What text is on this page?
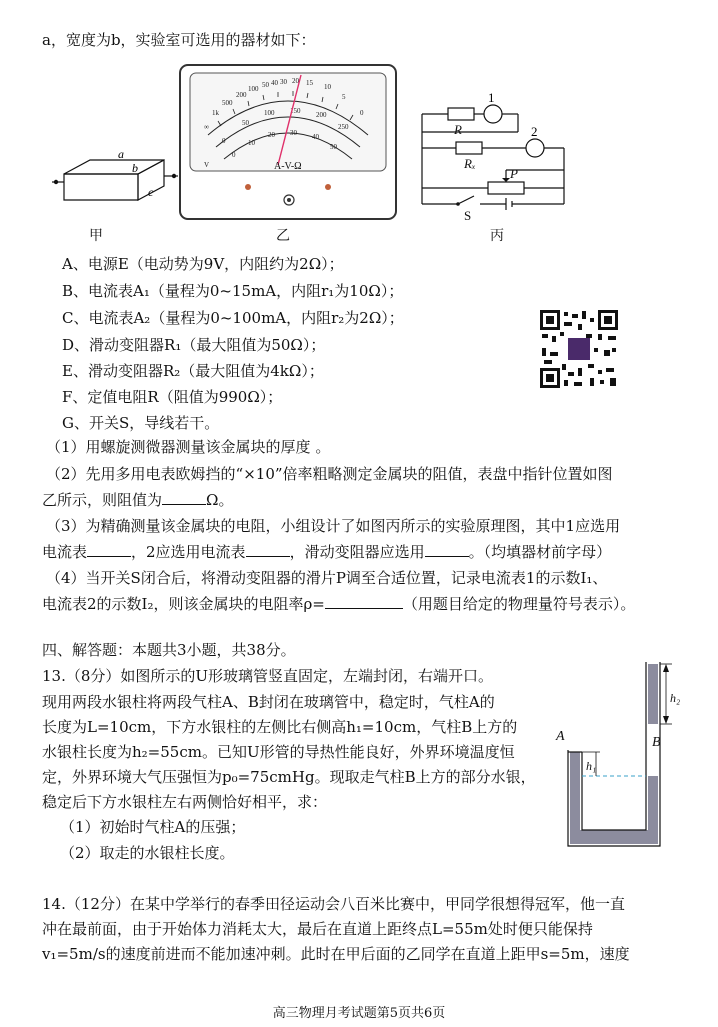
a，宽度为b，实验室可选用的器材如下：
a
b
c
甲
∞
1k
500
200
100 50 40 30 20 15 10
5
0
0
50
100 150 200
250
0
10
20 30 40
50
V	A-V-Ω
乙
R
Rₓ
P
S
1
2
丙
A、电源E（电动势为9V，内阻约为2Ω）；
B、电流表A₁（量程为0~15mA，内阻r₁为10Ω）；
C、电流表A₂（量程为0~100mA，内阻r₂为2Ω）；
D、滑动变阻器R₁（最大阻值为50Ω）；
E、滑动变阻器R₂（最大阻值为4kΩ）；
F、定值电阻R（阻值为990Ω）；
G、开关S，导线若干。
（1）用螺旋测微器测量该金属块的厚度 。
（2）先用多用电表欧姆挡的“×10”倍率粗略测定金属块的阻值，表盘中指针位置如图
乙所示，则阻值为	Ω。
（3）为精确测量该金属块的电阻，小组设计了如图丙所示的实验原理图，其中1应选用
电流表	，2应选用电流表	，滑动变阻器应选用	。（均填器材前字母）
（4）当开关S闭合后，将滑动变阻器的滑片P调至合适位置，记录电流表1的示数I₁、
电流表2的示数I₂，则该金属块的电阻率ρ=	（用题目给定的物理量符号表示）。
四、解答题：本题共3小题，共38分。
13.（8分）如图所示的U形玻璃管竖直固定，左端封闭，右端开口。
现用两段水银柱将两段气柱A、B封闭在玻璃管中，稳定时，气柱A的
长度为L=10cm，下方水银柱的左侧比右侧高h₁=10cm，气柱B上方的
水银柱长度为h₂=55cm。已知U形管的导热性能良好，外界环境温度恒
定，外界环境大气压强恒为p₀=75cmHg。现取走气柱B上方的部分水银，
稳定后下方水银柱左右两侧恰好相平，求：
（1）初始时气柱A的压强；
（2）取走的水银柱长度。
A	B
h₁
h₂
14.（12分）在某中学举行的春季田径运动会八百米比赛中，甲同学很想得冠军，他一直
冲在最前面，由于开始体力消耗太大，最后在直道上距终点L=55m处时便只能保持
v₁=5m/s的速度前进而不能加速冲刺。此时在甲后面的乙同学在直道上距甲s=5m，速度
高三物理月考试题第5页共6页
